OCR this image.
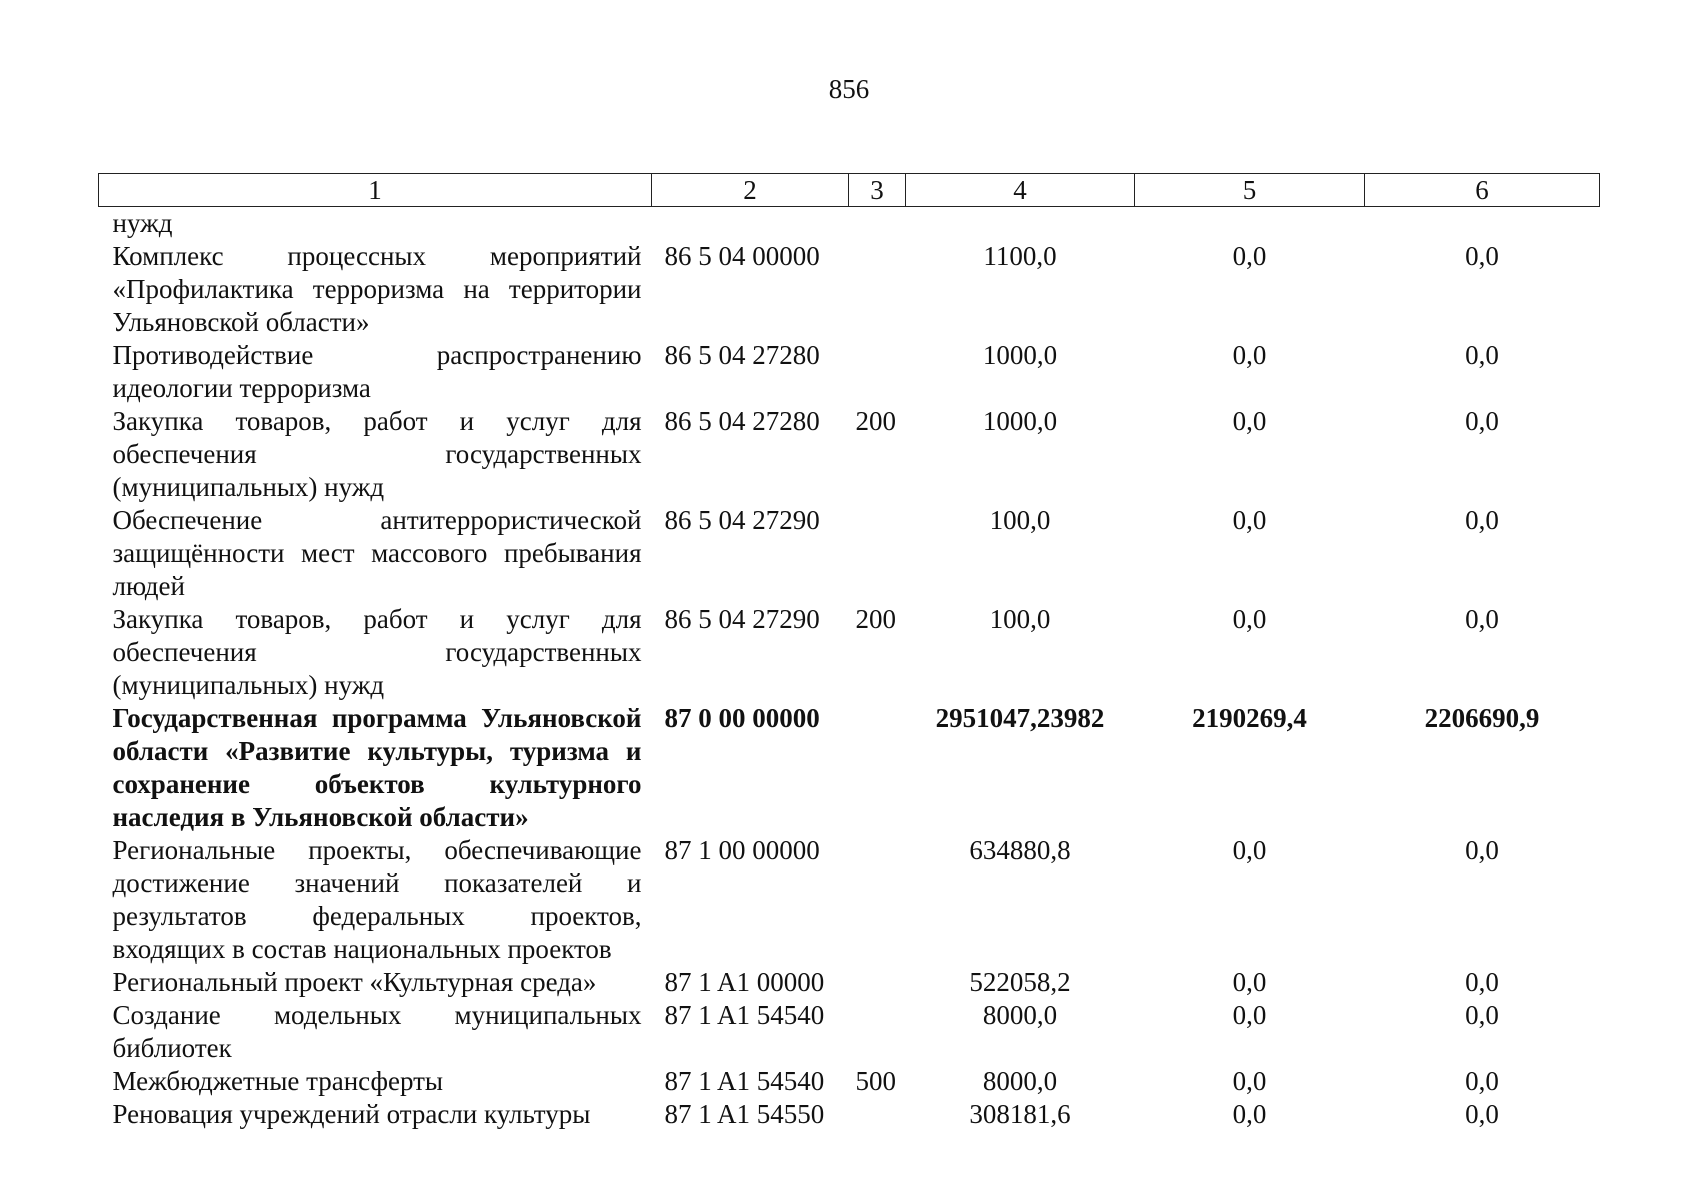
856
1	2	3	4	5	6
нужд					
Комплекс процессных мероприятий «Профилактика терроризма на территории Ульяновской области»	86 5 04 00000		1100,0	0,0	0,0
Противодействие распространению идеологии терроризма	86 5 04 27280		1000,0	0,0	0,0
Закупка товаров, работ и услуг для обеспечения государственных (муниципальных) нужд	86 5 04 27280	200	1000,0	0,0	0,0
Обеспечение антитеррористической защищённости мест массового пребывания людей	86 5 04 27290		100,0	0,0	0,0
Закупка товаров, работ и услуг для обеспечения государственных (муниципальных) нужд	86 5 04 27290	200	100,0	0,0	0,0
Государственная программа Ульяновской области «Развитие культуры, туризма и сохранение объектов культурного наследия в Ульяновской области»	87 0 00 00000		2951047,23982	2190269,4	2206690,9
Региональные проекты, обеспечивающие достижение значений показателей и результатов федеральных проектов, входящих в состав национальных проектов	87 1 00 00000		634880,8	0,0	0,0
Региональный проект «Культурная среда»	87 1 A1 00000		522058,2	0,0	0,0
Создание модельных муниципальных библиотек	87 1 A1 54540		8000,0	0,0	0,0
Межбюджетные трансферты	87 1 A1 54540	500	8000,0	0,0	0,0
Реновация учреждений отрасли культуры	87 1 A1 54550		308181,6	0,0	0,0
